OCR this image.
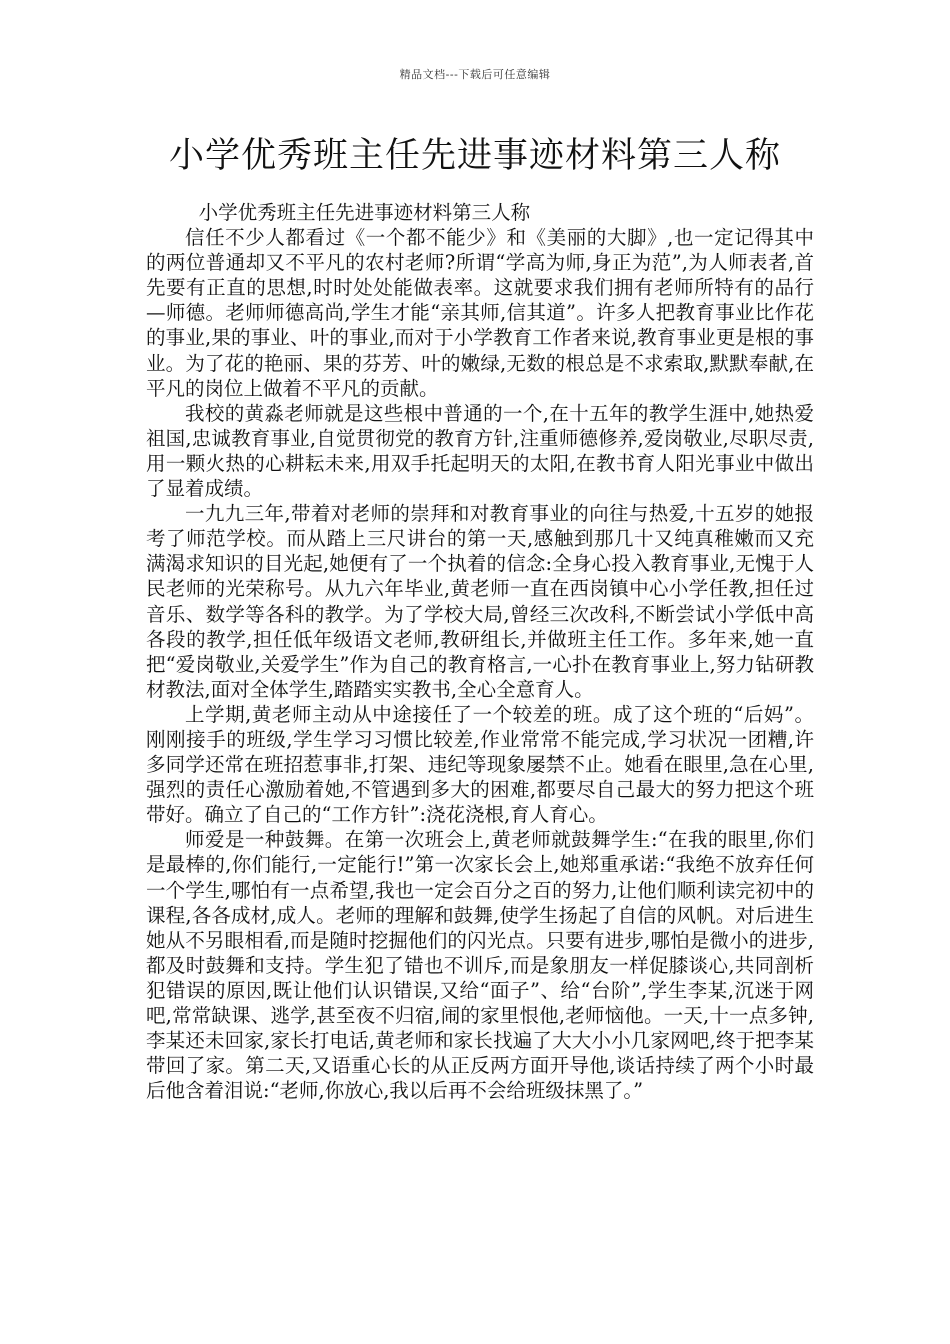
精品文档---下载后可任意编辑
小学优秀班主任先进事迹材料第三人称

小学优秀班主任先进事迹材料第三人称

信任不少人都看过《一个都不能少》和《美丽的大脚》,也一定记得其中的两位普通却又不平凡的农村老师?所谓“学高为师,身正为范”,为人师表者,首先要有正直的思想,时时处处能做表率。这就要求我们拥有老师所特有的品行—师德。老师师德高尚,学生才能“亲其师,信其道”。许多人把教育事业比作花的事业,果的事业、叶的事业,而对于小学教育工作者来说,教育事业更是根的事业。为了花的艳丽、果的芬芳、叶的嫩绿,无数的根总是不求索取,默默奉献,在平凡的岗位上做着不平凡的贡献。

我校的黄淼老师就是这些根中普通的一个,在十五年的教学生涯中,她热爱祖国,忠诚教育事业,自觉贯彻党的教育方针,注重师德修养,爱岗敬业,尽职尽责,用一颗火热的心耕耘未来,用双手托起明天的太阳,在教书育人阳光事业中做出了显着成绩。

一九九三年,带着对老师的崇拜和对教育事业的向往与热爱,十五岁的她报考了师范学校。而从踏上三尺讲台的第一天,感触到那几十又纯真稚嫩而又充满渴求知识的目光起,她便有了一个执着的信念:全身心投入教育事业,无愧于人民老师的光荣称号。从九六年毕业,黄老师一直在西岗镇中心小学任教,担任过音乐、数学等各科的教学。为了学校大局,曾经三次改科,不断尝试小学低中高各段的教学,担任低年级语文老师,教研组长,并做班主任工作。多年来,她一直把“爱岗敬业,关爱学生”作为自己的教育格言,一心扑在教育事业上,努力钻研教材教法,面对全体学生,踏踏实实教书,全心全意育人。

上学期,黄老师主动从中途接任了一个较差的班。成了这个班的“后妈”。刚刚接手的班级,学生学习习惯比较差,作业常常不能完成,学习状况一团糟,许多同学还常在班招惹事非,打架、违纪等现象屡禁不止。她看在眼里,急在心里,强烈的责任心激励着她,不管遇到多大的困难,都要尽自己最大的努力把这个班带好。确立了自己的“工作方针”:浇花浇根,育人育心。

师爱是一种鼓舞。在第一次班会上,黄老师就鼓舞学生:“在我的眼里,你们是最棒的,你们能行,一定能行!”第一次家长会上,她郑重承诺:“我绝不放弃任何一个学生,哪怕有一点希望,我也一定会百分之百的努力,让他们顺利读完初中的课程,各各成材,成人。老师的理解和鼓舞,使学生扬起了自信的风帆。对后进生她从不另眼相看,而是随时挖掘他们的闪光点。只要有进步,哪怕是微小的进步,都及时鼓舞和支持。学生犯了错也不训斥,而是象朋友一样促膝谈心,共同剖析犯错误的原因,既让他们认识错误,又给“面子”、给“台阶”,学生李某,沉迷于网吧,常常缺课、逃学,甚至夜不归宿,闹的家里恨他,老师恼他。一天,十一点多钟,李某还未回家,家长打电话,黄老师和家长找遍了大大小小几家网吧,终于把李某带回了家。第二天,又语重心长的从正反两方面开导他,谈话持续了两个小时最后他含着泪说:“老师,你放心,我以后再不会给班级抹黑了。”
